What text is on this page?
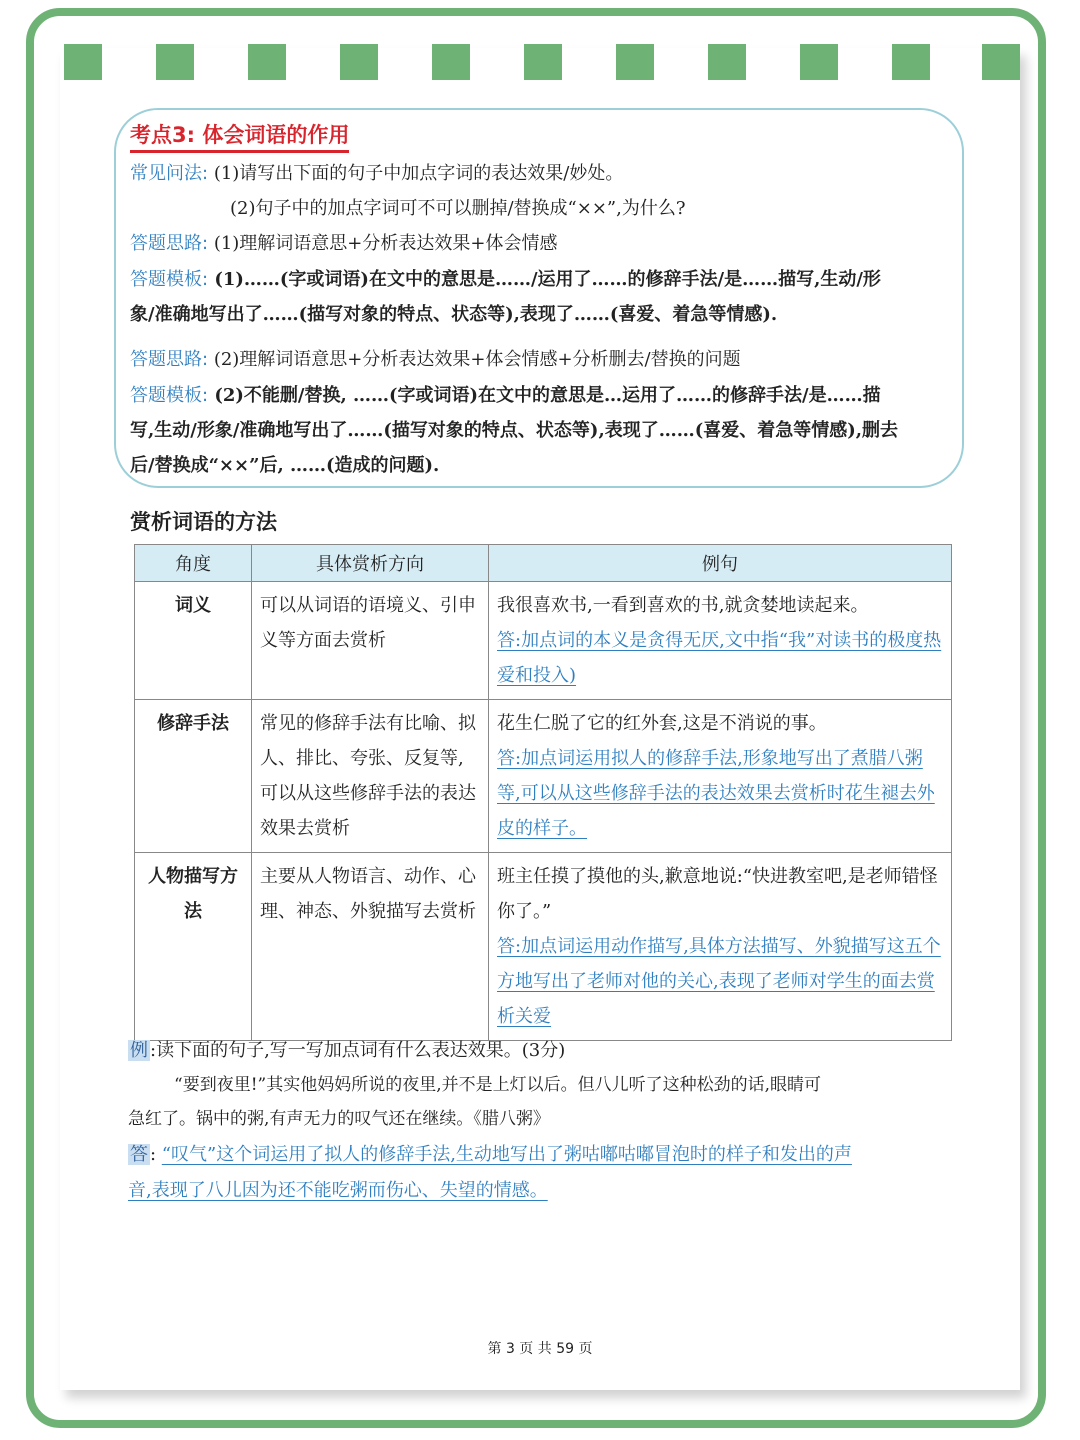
考点3: 体会词语的作用
常见问法: (1)请写出下面的句子中加点字词的表达效果/妙处。
(2)句子中的加点字词可不可以删掉/替换成“××”,为什么?
答题思路: (1)理解词语意思+分析表达效果+体会情感
答题模板: (1)……(字或词语)在文中的意思是……/运用了……的修辞手法/是……描写,生动/形
象/准确地写出了……(描写对象的特点、状态等),表现了……(喜爱、着急等情感).
答题思路: (2)理解词语意思+分析表达效果+体会情感+分析删去/替换的问题
答题模板: (2)不能删/替换, ……(字或词语)在文中的意思是…运用了……的修辞手法/是……描
写,生动/形象/准确地写出了……(描写对象的特点、状态等),表现了……(喜爱、着急等情感),删去
后/替换成“××”后, ……(造成的问题).
赏析词语的方法
角度	具体赏析方向	例句
词义	可以从词语的语境义、引申义等方面去赏析	我很喜欢书,一看到喜欢的书,就贪婪地读起来。
答:加点词的本义是贪得无厌,文中指“我”对读书的极度热爱和投入)

修辞手法	常见的修辞手法有比喻、拟人、排比、夸张、反复等,可以从这些修辞手法的表达效果去赏析	花生仁脱了它的红外套,这是不消说的事。
答:加点词运用拟人的修辞手法,形象地写出了煮腊八粥等,可以从这些修辞手法的表达效果去赏析时花生褪去外皮的样子。

人物描写方法	主要从人物语言、动作、心理、神态、外貌描写去赏析	班主任摸了摸他的头,歉意地说:“快进教室吧,是老师错怪你了。”
答:加点词运用动作描写,具体方法描写、外貌描写这五个方地写出了老师对他的关心,表现了老师对学生的面去赏析关爱
例 :读下面的句子,写一写加点词有什么表达效果。(3分)
“要到夜里!”其实他妈妈所说的夜里,并不是上灯以后。但八儿听了这种松劲的话,眼睛可
急红了。锅中的粥,有声无力的叹气还在继续。《腊八粥》
答 : “叹气”这个词运用了拟人的修辞手法,生动地写出了粥咕嘟咕嘟冒泡时的样子和发出的声
音,表现了八儿因为还不能吃粥而伤心、失望的情感。
第 3 页 共 59 页
